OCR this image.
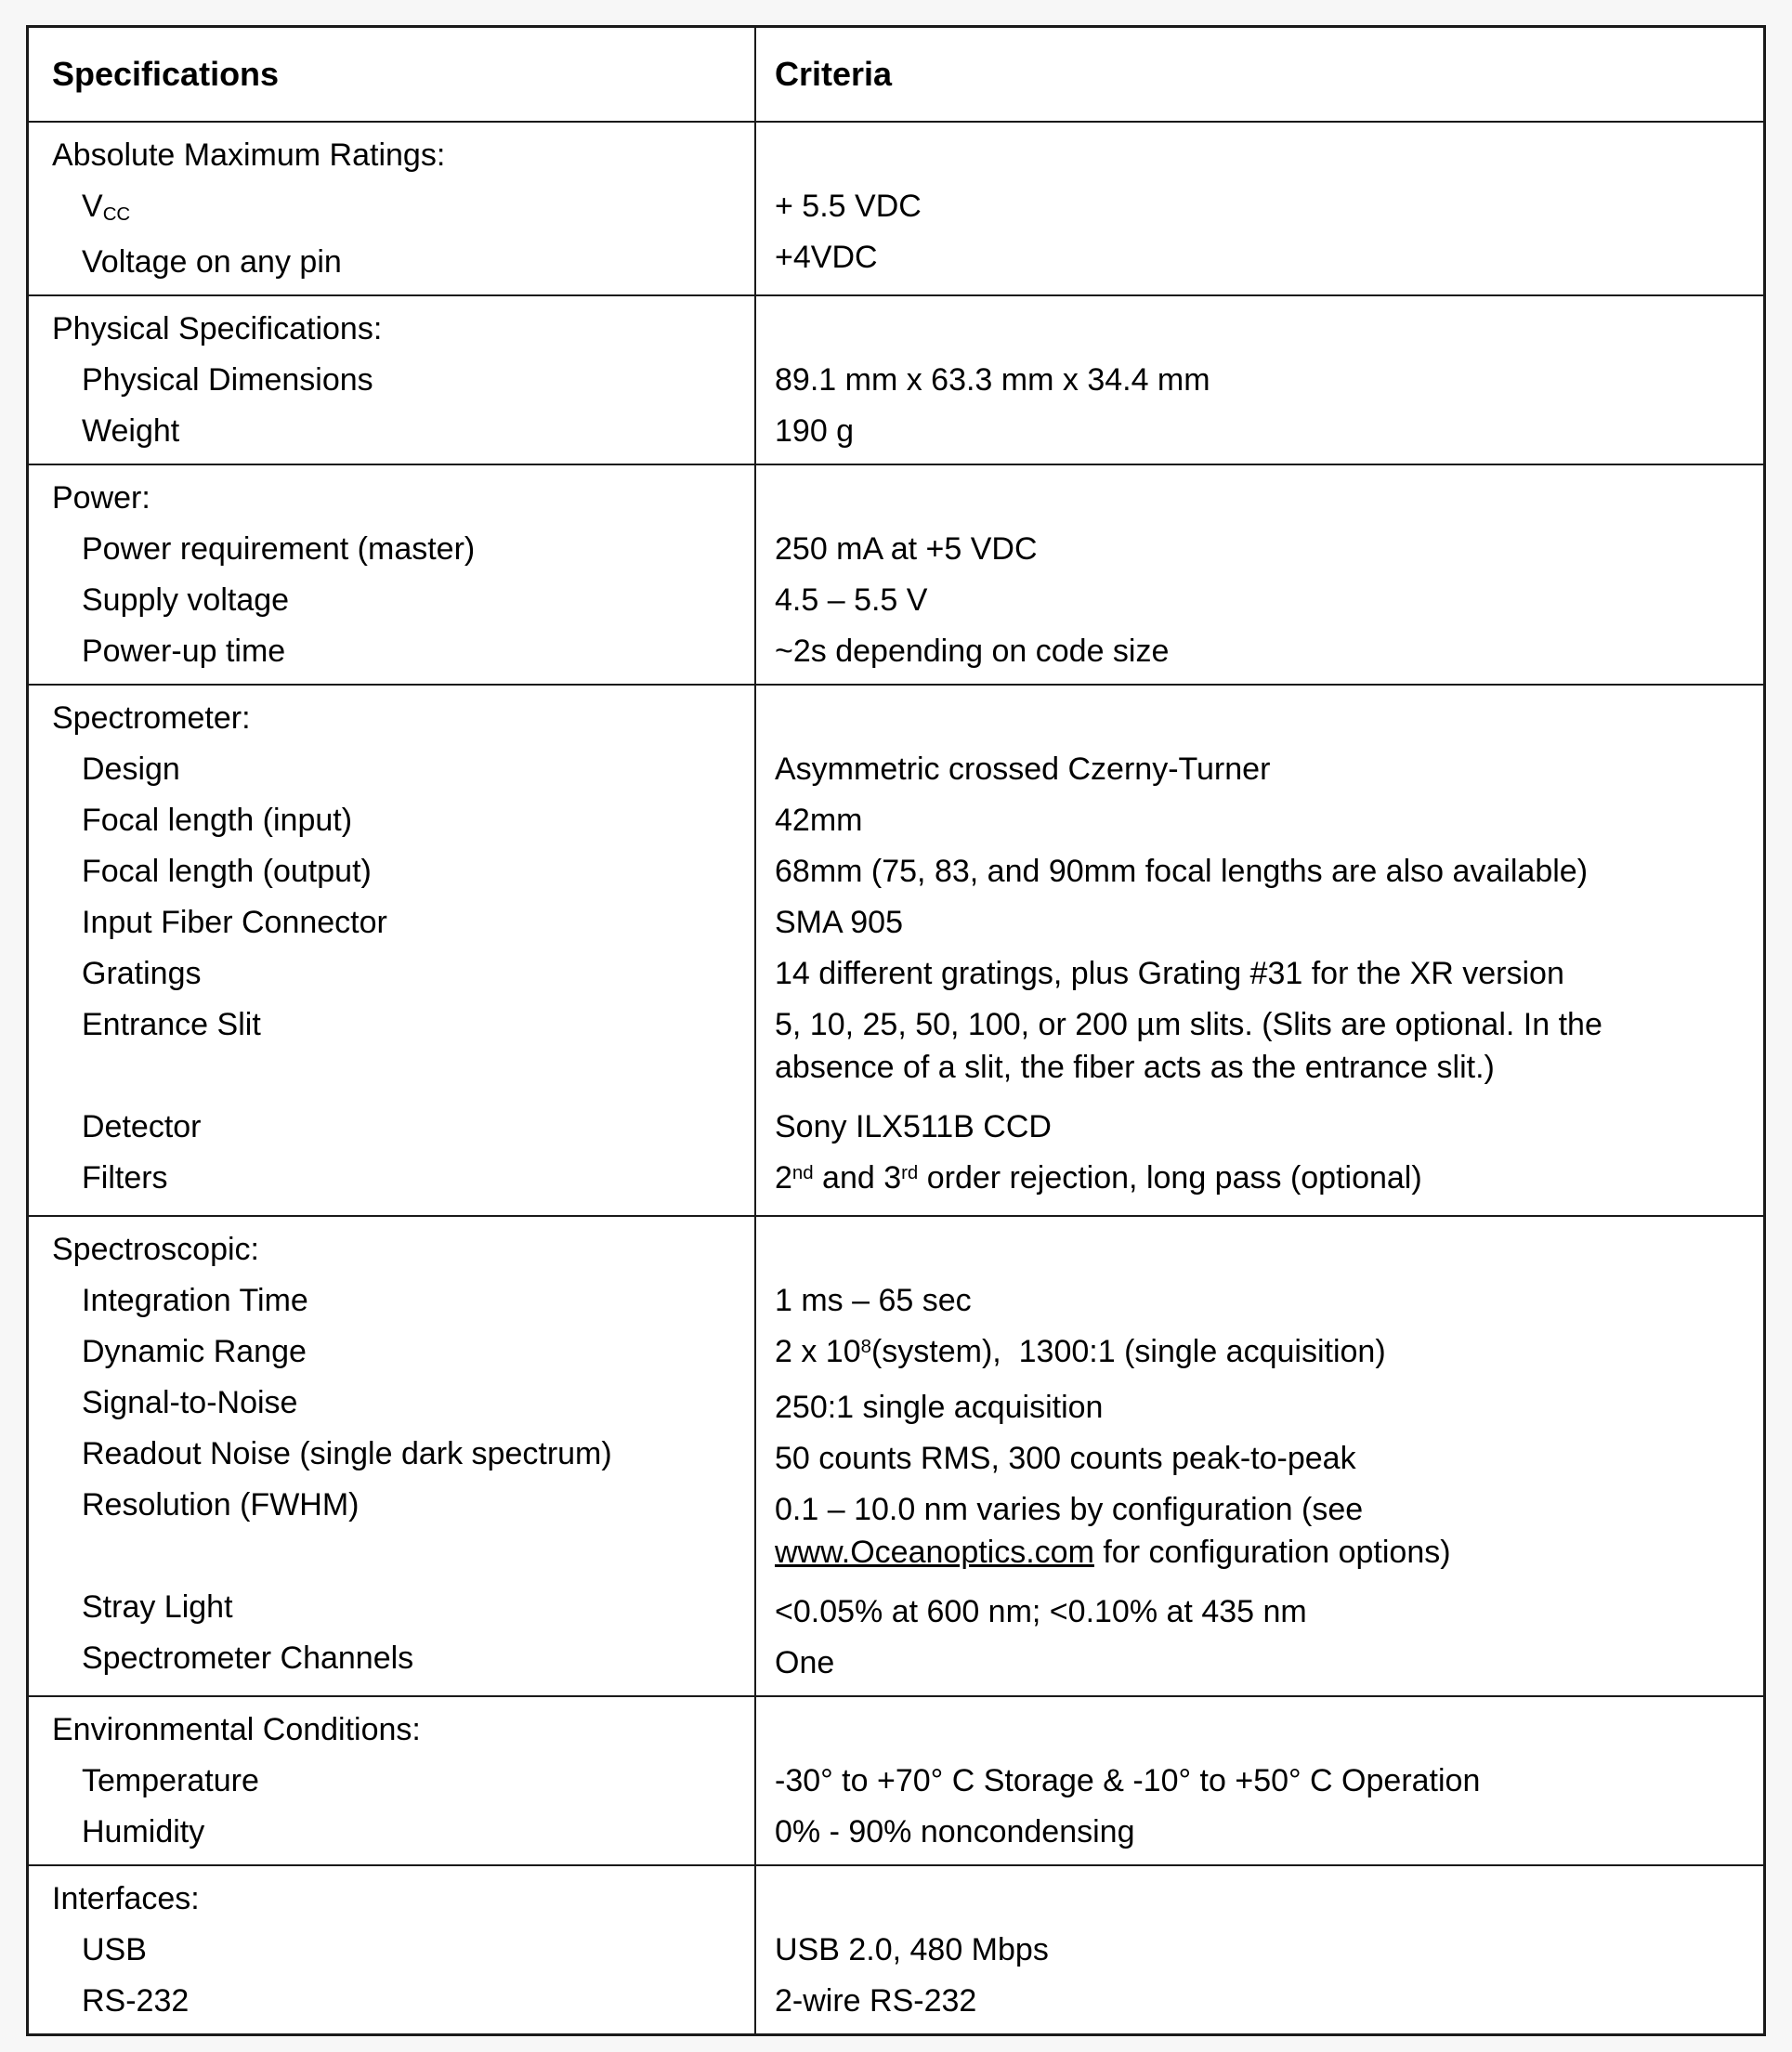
Specifications	Criteria

Absolute Maximum Ratings:

VCC

Voltage on any pin

+ 5.5 VDC

+4VDC

Physical Specifications:

Physical Dimensions

Weight

89.1 mm x 63.3 mm x 34.4 mm

190 g

Power:

Power requirement (master)

Supply voltage

Power-up time

250 mA at +5 VDC

4.5 – 5.5 V

~2s depending on code size

Spectrometer:

Design

Focal length (input)

Focal length (output)

Input Fiber Connector

Gratings

Entrance Slit

Detector

Filters

Asymmetric crossed Czerny-Turner

42mm

68mm (75, 83, and 90mm focal lengths are also available)

SMA 905

14 different gratings, plus Grating #31 for the XR version

5, 10, 25, 50, 100, or 200 µm slits. (Slits are optional. In the
absence of a slit, the fiber acts as the entrance slit.)

Sony ILX511B CCD

2nd and 3rd order rejection, long pass (optional)

Spectroscopic:

Integration Time

Dynamic Range

Signal-to-Noise

Readout Noise (single dark spectrum)

Resolution (FWHM)

Stray Light

Spectrometer Channels

1 ms – 65 sec

2 x $10^8(system)$,  1300:1 (single acquisition)

250:1 single acquisition

50 counts RMS, 300 counts peak-to-peak

0.1 – 10.0 nm varies by configuration (see
www.Oceanoptics.com for configuration options)

<0.05% at 600 nm; <0.10% at 435 nm

One

Environmental Conditions:

Temperature

Humidity

-30° to +70° C Storage & -10° to +50° C Operation

0% - 90% noncondensing

Interfaces:

USB

RS-232

USB 2.0, 480 Mbps

2-wire RS-232
